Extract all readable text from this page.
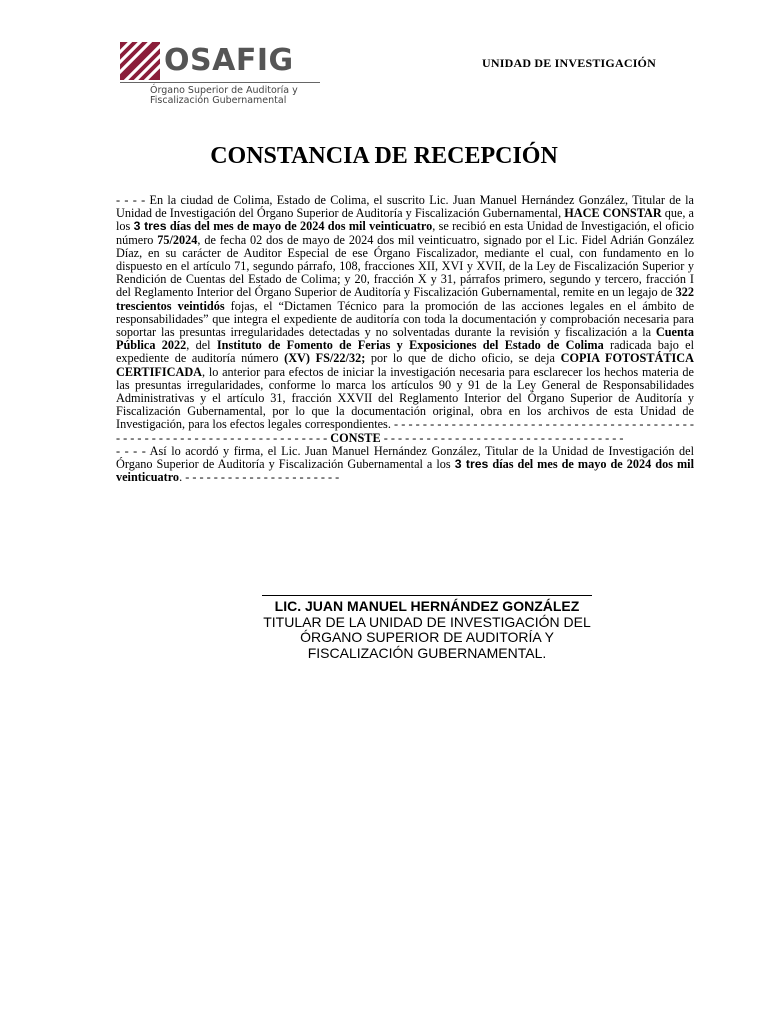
OSAFIG
Órgano Superior de Auditoría y
Fiscalización Gubernamental
UNIDAD DE INVESTIGACIÓN
CONSTANCIA DE RECEPCIÓN

- - - - En la ciudad de Colima, Estado de Colima, el suscrito Lic. Juan Manuel Hernández González, Titular de la Unidad de Investigación del Órgano Superior de Auditoría y Fiscalización Gubernamental, HACE CONSTAR que, a los 3 tres días del mes de mayo de 2024 dos mil veinticuatro, se recibió en esta Unidad de Investigación, el oficio número 75/2024, de fecha 02 dos de mayo de 2024 dos mil veinticuatro, signado por el Lic. Fidel Adrián González Díaz, en su carácter de Auditor Especial de ese Órgano Fiscalizador, mediante el cual, con fundamento en lo dispuesto en el artículo 71, segundo párrafo, 108, fracciones XII, XVI y XVII, de la Ley de Fiscalización Superior y Rendición de Cuentas del Estado de Colima; y 20, fracción X y 31, párrafos primero, segundo y tercero, fracción I del Reglamento Interior del Órgano Superior de Auditoría y Fiscalización Gubernamental, remite en un legajo de 322 trescientos veintidós fojas, el “Dictamen Técnico para la promoción de las acciones legales en el ámbito de responsabilidades” que integra el expediente de auditoría con toda la documentación y comprobación necesaria para soportar las presuntas irregularidades detectadas y no solventadas durante la revisión y fiscalización a la Cuenta Pública 2022, del Instituto de Fomento de Ferias y Exposiciones del Estado de Colima radicada bajo el expediente de auditoría número (XV) FS/22/32; por lo que de dicho oficio, se deja COPIA FOTOSTÁTICA CERTIFICADA, lo anterior para efectos de iniciar la investigación necesaria para esclarecer los hechos materia de las presuntas irregularidades, conforme lo marca los artículos 90 y 91 de la Ley General de Responsabilidades Administrativas y el artículo 31, fracción XXVII del Reglamento Interior del Órgano Superior de Auditoría y Fiscalización Gubernamental, por lo que la documentación original, obra en los archivos de esta Unidad de Investigación, para los efectos legales correspondientes. - - - - - - - - - - - - - - - - - - - - - - - - - - - - - - - - - - - - - - - - - - - - - - - - - - - - - - - - - - - - - - - - - - - - - - - - CONSTE - - - - - - - - - - - - - - - - - - - - - - - - - - - - - - - - - -

- - - - Así lo acordó y firma, el Lic. Juan Manuel Hernández González, Titular de la Unidad de Investigación del Órgano Superior de Auditoría y Fiscalización Gubernamental a los 3 tres días del mes de mayo de 2024 dos mil veinticuatro. - - - - - - - - - - - - - - - - - - - - - -

LIC. JUAN MANUEL HERNÁNDEZ GONZÁLEZ
TITULAR DE LA UNIDAD DE INVESTIGACIÓN DEL
ÓRGANO SUPERIOR DE AUDITORÍA Y
FISCALIZACIÓN GUBERNAMENTAL.
